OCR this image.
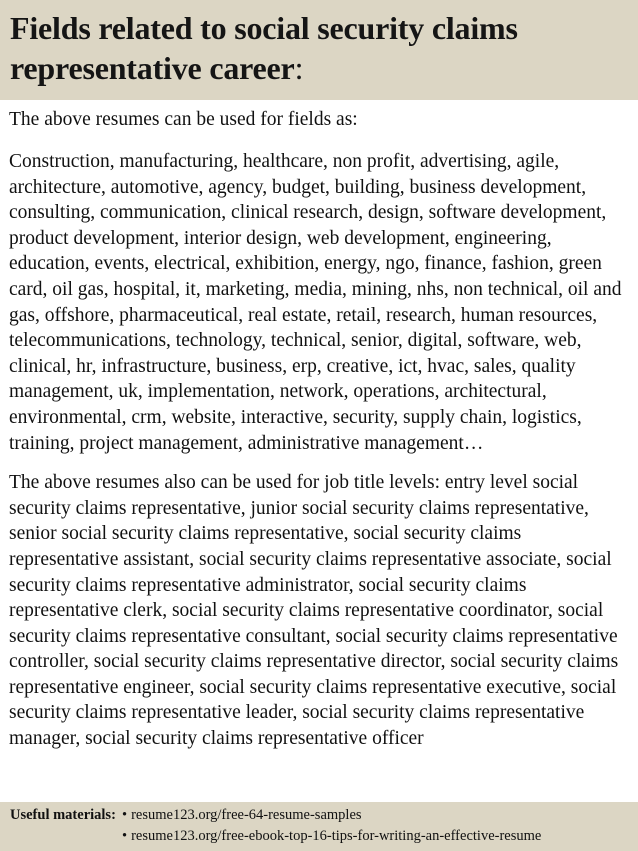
Fields related to social security claims representative career:

The above resumes can be used for fields as:

Construction, manufacturing, healthcare, non profit, advertising, agile, architecture, automotive, agency, budget, building, business development, consulting, communication, clinical research, design, software development, product development, interior design, web development, engineering, education, events, electrical, exhibition, energy, ngo, finance, fashion, green card, oil gas, hospital, it, marketing, media, mining, nhs, non technical, oil and gas, offshore, pharmaceutical, real estate, retail, research, human resources, telecommunications, technology, technical, senior, digital, software, web, clinical, hr, infrastructure, business, erp, creative, ict, hvac, sales, quality management, uk, implementation, network, operations, architectural, environmental, crm, website, interactive, security, supply chain, logistics, training, project management, administrative management…

The above resumes also can be used for job title levels: entry level social security claims representative, junior social security claims representative, senior social security claims representative, social security claims representative assistant, social security claims representative associate, social security claims representative administrator, social security claims representative clerk, social security claims representative coordinator, social security claims representative consultant, social security claims representative controller, social security claims representative director, social security claims representative engineer, social security claims representative executive, social security claims representative leader, social security claims representative manager, social security claims representative officer

Useful materials: • resume123.org/free-64-resume-samples
• resume123.org/free-ebook-top-16-tips-for-writing-an-effective-resume
